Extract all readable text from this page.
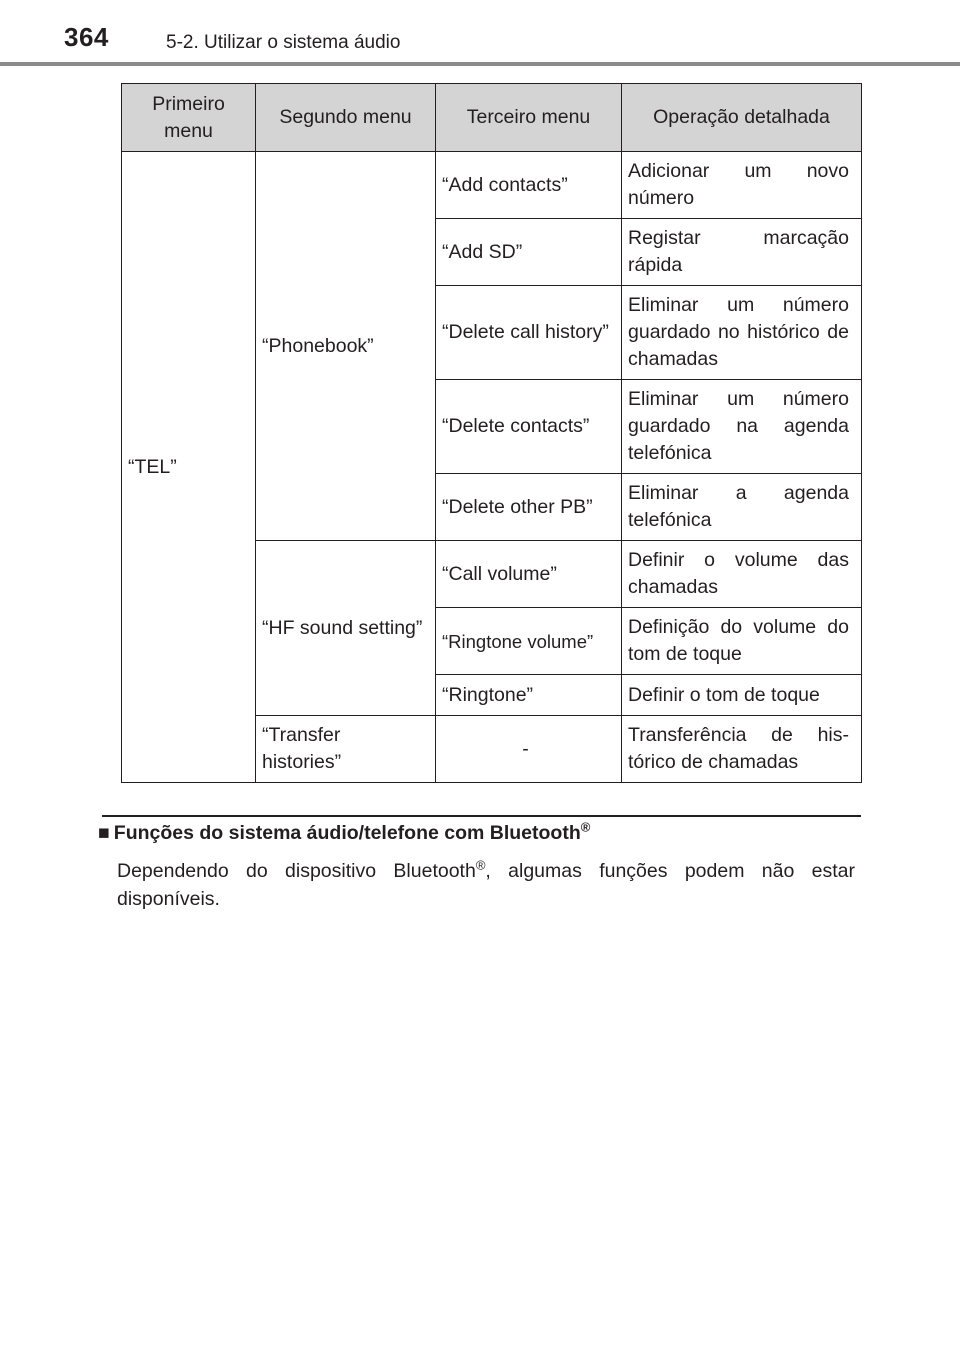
364	5-2. Utilizar o sistema áudio
Primeiro menu	Segundo menu	Terceiro menu	Operação detalhada
“TEL”	“Phonebook”	“Add contacts”	Adicionar um novo número
		“Add SD”	Registar marcação rápida
		“Delete call history”	Eliminar um número guardado no histórico de chamadas
		“Delete contacts”	Eliminar um número guardado na agenda telefónica
		“Delete other PB”	Eliminar a agenda telefónica
	“HF sound setting”	“Call volume”	Definir o volume das chamadas
		“Ringtone volume”	Definição do volume do tom de toque
		“Ringtone”	Definir o tom de toque
	“Transfer histories”	-	Transferência de histórico de chamadas
■ Funções do sistema áudio/telefone com Bluetooth®
Dependendo do dispositivo Bluetooth®, algumas funções podem não estar disponíveis.
